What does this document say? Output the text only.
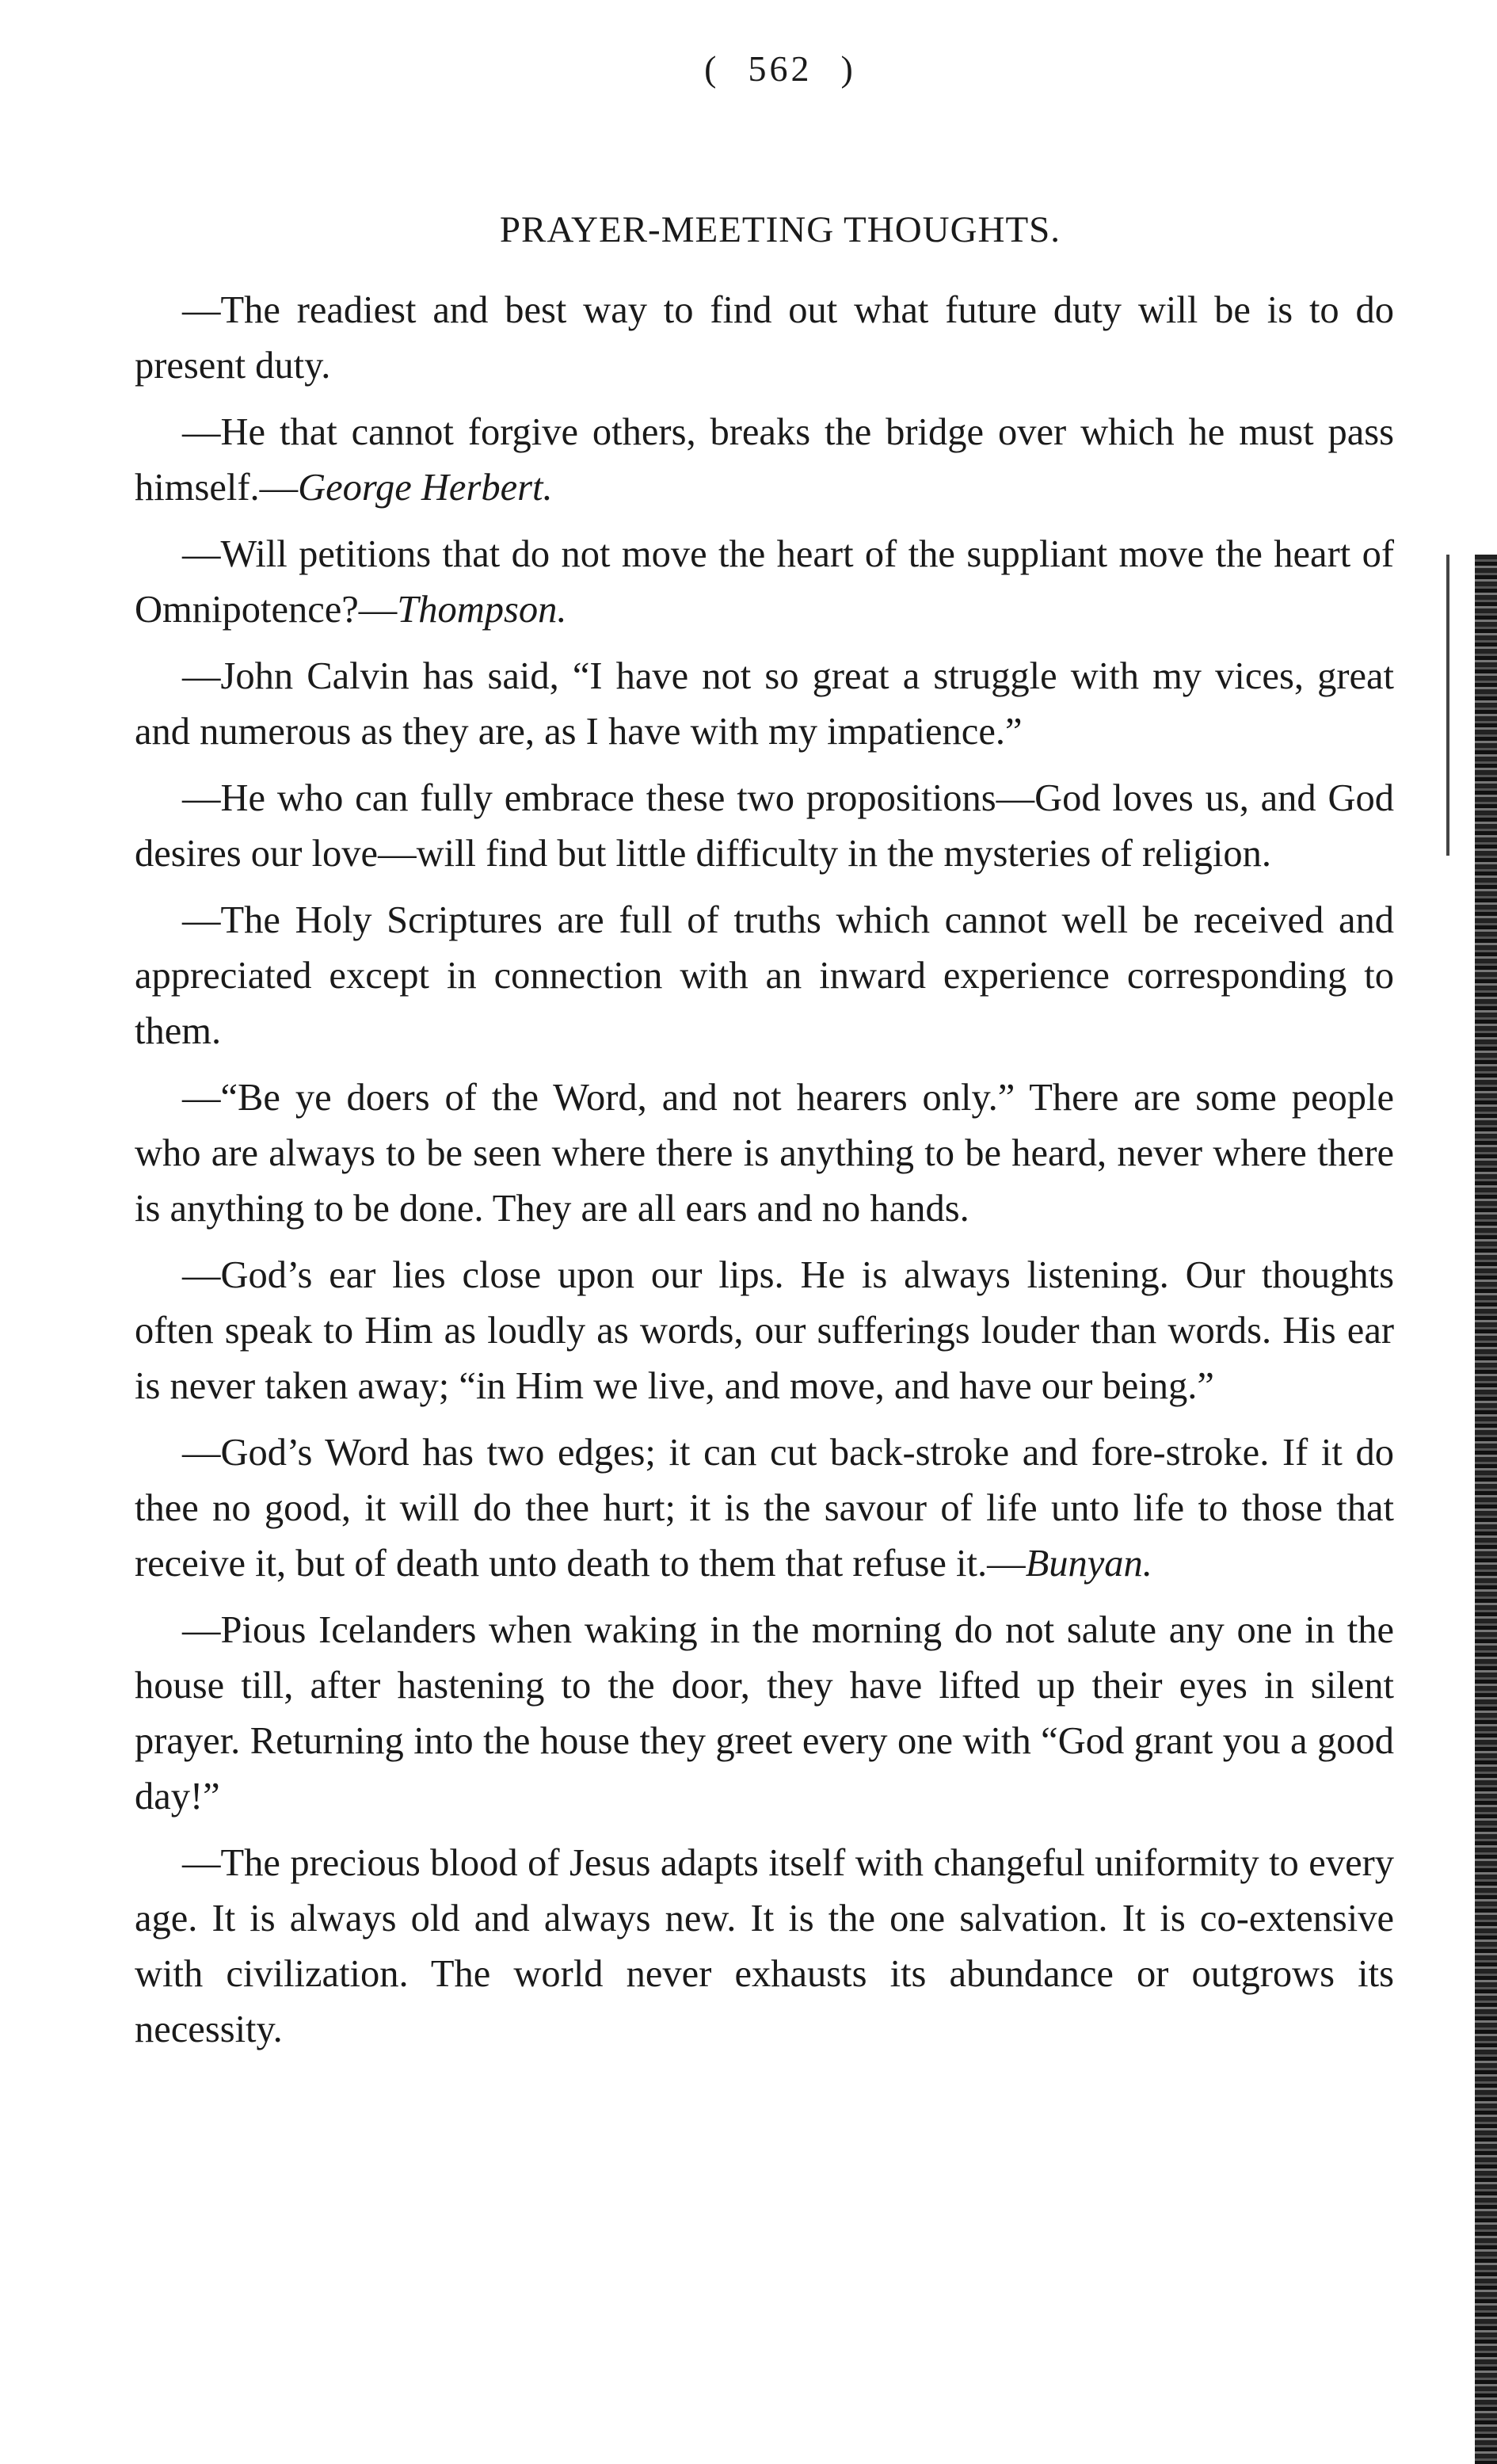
( 562 )
PRAYER-MEETING THOUGHTS.

—The readiest and best way to find out what future duty will be is to do present duty.

—He that cannot forgive others, breaks the bridge over which he must pass himself.—George Herbert.

—Will petitions that do not move the heart of the suppliant move the heart of Omnipotence?—Thompson.

—John Calvin has said, “I have not so great a struggle with my vices, great and numerous as they are, as I have with my impatience.”

—He who can fully embrace these two propositions—God loves us, and God desires our love—will find but little difficulty in the mysteries of religion.

—The Holy Scriptures are full of truths which cannot well be received and appreciated except in connection with an inward experience corresponding to them.

—“Be ye doers of the Word, and not hearers only.” There are some people who are always to be seen where there is anything to be heard, never where there is anything to be done. They are all ears and no hands.

—God’s ear lies close upon our lips. He is always listening. Our thoughts often speak to Him as loudly as words, our sufferings louder than words. His ear is never taken away; “in Him we live, and move, and have our being.”

—God’s Word has two edges; it can cut back-stroke and fore-stroke. If it do thee no good, it will do thee hurt; it is the savour of life unto life to those that receive it, but of death unto death to them that refuse it.—Bunyan.

—Pious Icelanders when waking in the morning do not salute any one in the house till, after hastening to the door, they have lifted up their eyes in silent prayer. Returning into the house they greet every one with “God grant you a good day!”

—The precious blood of Jesus adapts itself with changeful uniformity to every age. It is always old and always new. It is the one salvation. It is co-extensive with civilization. The world never exhausts its abundance or outgrows its necessity.
